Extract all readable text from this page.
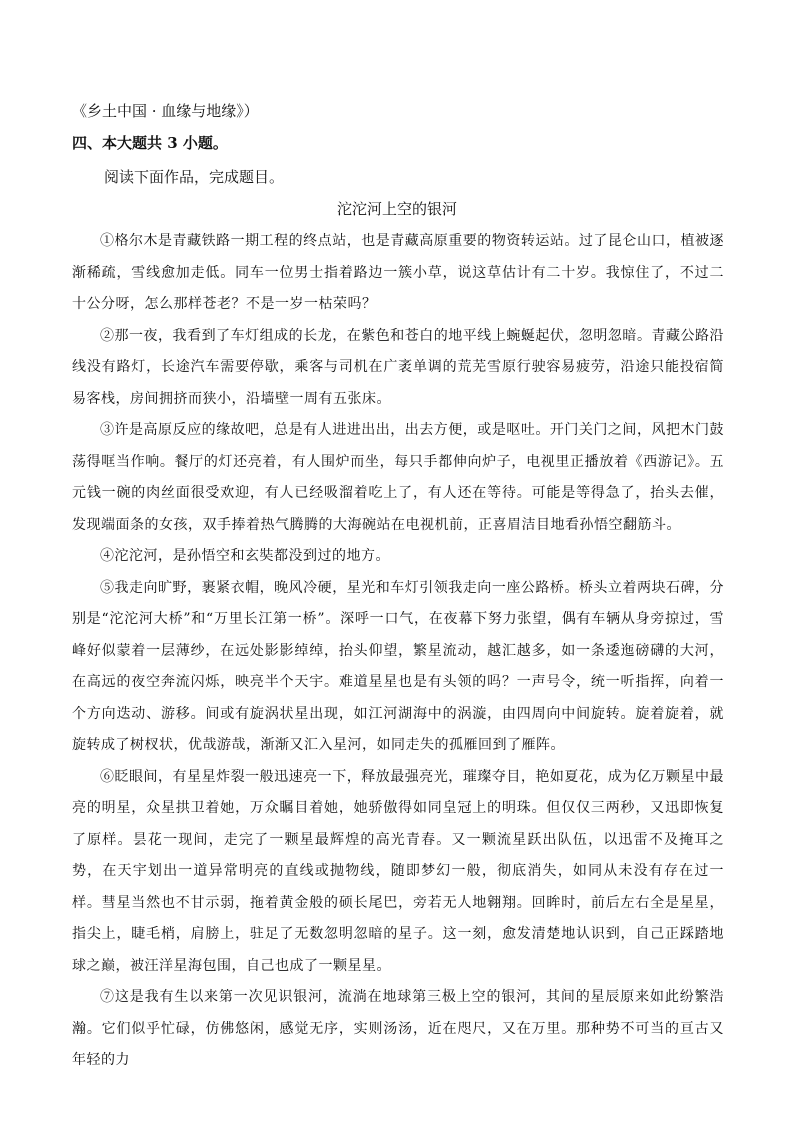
《乡土中国 · 血缘与地缘》）
四、本大题共 3 小题。
阅读下面作品，完成题目。
沱沱河上空的银河

①格尔木是青藏铁路一期工程的终点站，也是青藏高原重要的物资转运站。过了昆仑山口，植被逐渐稀疏，雪线愈加走低。同车一位男士指着路边一簇小草，说这草估计有二十岁。我惊住了，不过二十公分呀，怎么那样苍老？不是一岁一枯荣吗？

②那一夜，我看到了车灯组成的长龙，在紫色和苍白的地平线上蜿蜒起伏，忽明忽暗。青藏公路沿线没有路灯，长途汽车需要停歇，乘客与司机在广袤单调的荒芜雪原行驶容易疲劳，沿途只能投宿简易客栈，房间拥挤而狭小，沿墙壁一周有五张床。

③许是高原反应的缘故吧，总是有人进进出出，出去方便，或是呕吐。开门关门之间，风把木门鼓荡得哐当作响。餐厅的灯还亮着，有人围炉而坐，每只手都伸向炉子，电视里正播放着《西游记》。五元钱一碗的肉丝面很受欢迎，有人已经吸溜着吃上了，有人还在等待。可能是等得急了，抬头去催，发现端面条的女孩，双手捧着热气腾腾的大海碗站在电视机前，正喜眉洁目地看孙悟空翻筋斗。

④沱沱河，是孙悟空和玄奘都没到过的地方。

⑤我走向旷野，裹紧衣帽，晚风冷硬，星光和车灯引领我走向一座公路桥。桥头立着两块石碑，分别是“沱沱河大桥”和“万里长江第一桥”。深呼一口气，在夜幕下努力张望，偶有车辆从身旁掠过，雪峰好似蒙着一层薄纱，在远处影影绰绰，抬头仰望，繁星流动，越汇越多，如一条逶迤磅礴的大河，在高远的夜空奔流闪烁，映亮半个天宇。难道星星也是有头领的吗？一声号令，统一听指挥，向着一个方向迭动、游移。间或有旋涡状星出现，如江河湖海中的涡漩，由四周向中间旋转。旋着旋着，就旋转成了树杈状，优哉游哉，渐渐又汇入星河，如同走失的孤雁回到了雁阵。

⑥眨眼间，有星星炸裂一般迅速亮一下，释放最强亮光，璀璨夺目，艳如夏花，成为亿万颗星中最亮的明星，众星拱卫着她，万众瞩目着她，她骄傲得如同皇冠上的明珠。但仅仅三两秒，又迅即恢复了原样。昙花一现间，走完了一颗星最辉煌的高光青春。又一颗流星跃出队伍，以迅雷不及掩耳之势，在天宇划出一道异常明亮的直线或抛物线，随即梦幻一般，彻底消失，如同从未没有存在过一样。彗星当然也不甘示弱，拖着黄金般的硕长尾巴，旁若无人地翱翔。回眸时，前后左右全是星星，指尖上，睫毛梢，肩膀上，驻足了无数忽明忽暗的星子。这一刻，愈发清楚地认识到，自己正踩踏地球之巅，被汪洋星海包围，自己也成了一颗星星。

⑦这是我有生以来第一次见识银河，流淌在地球第三极上空的银河，其间的星辰原来如此纷繁浩瀚。它们似乎忙碌，仿佛悠闲，感觉无序，实则汤汤，近在咫尺，又在万里。那种势不可当的亘古又年轻的力
